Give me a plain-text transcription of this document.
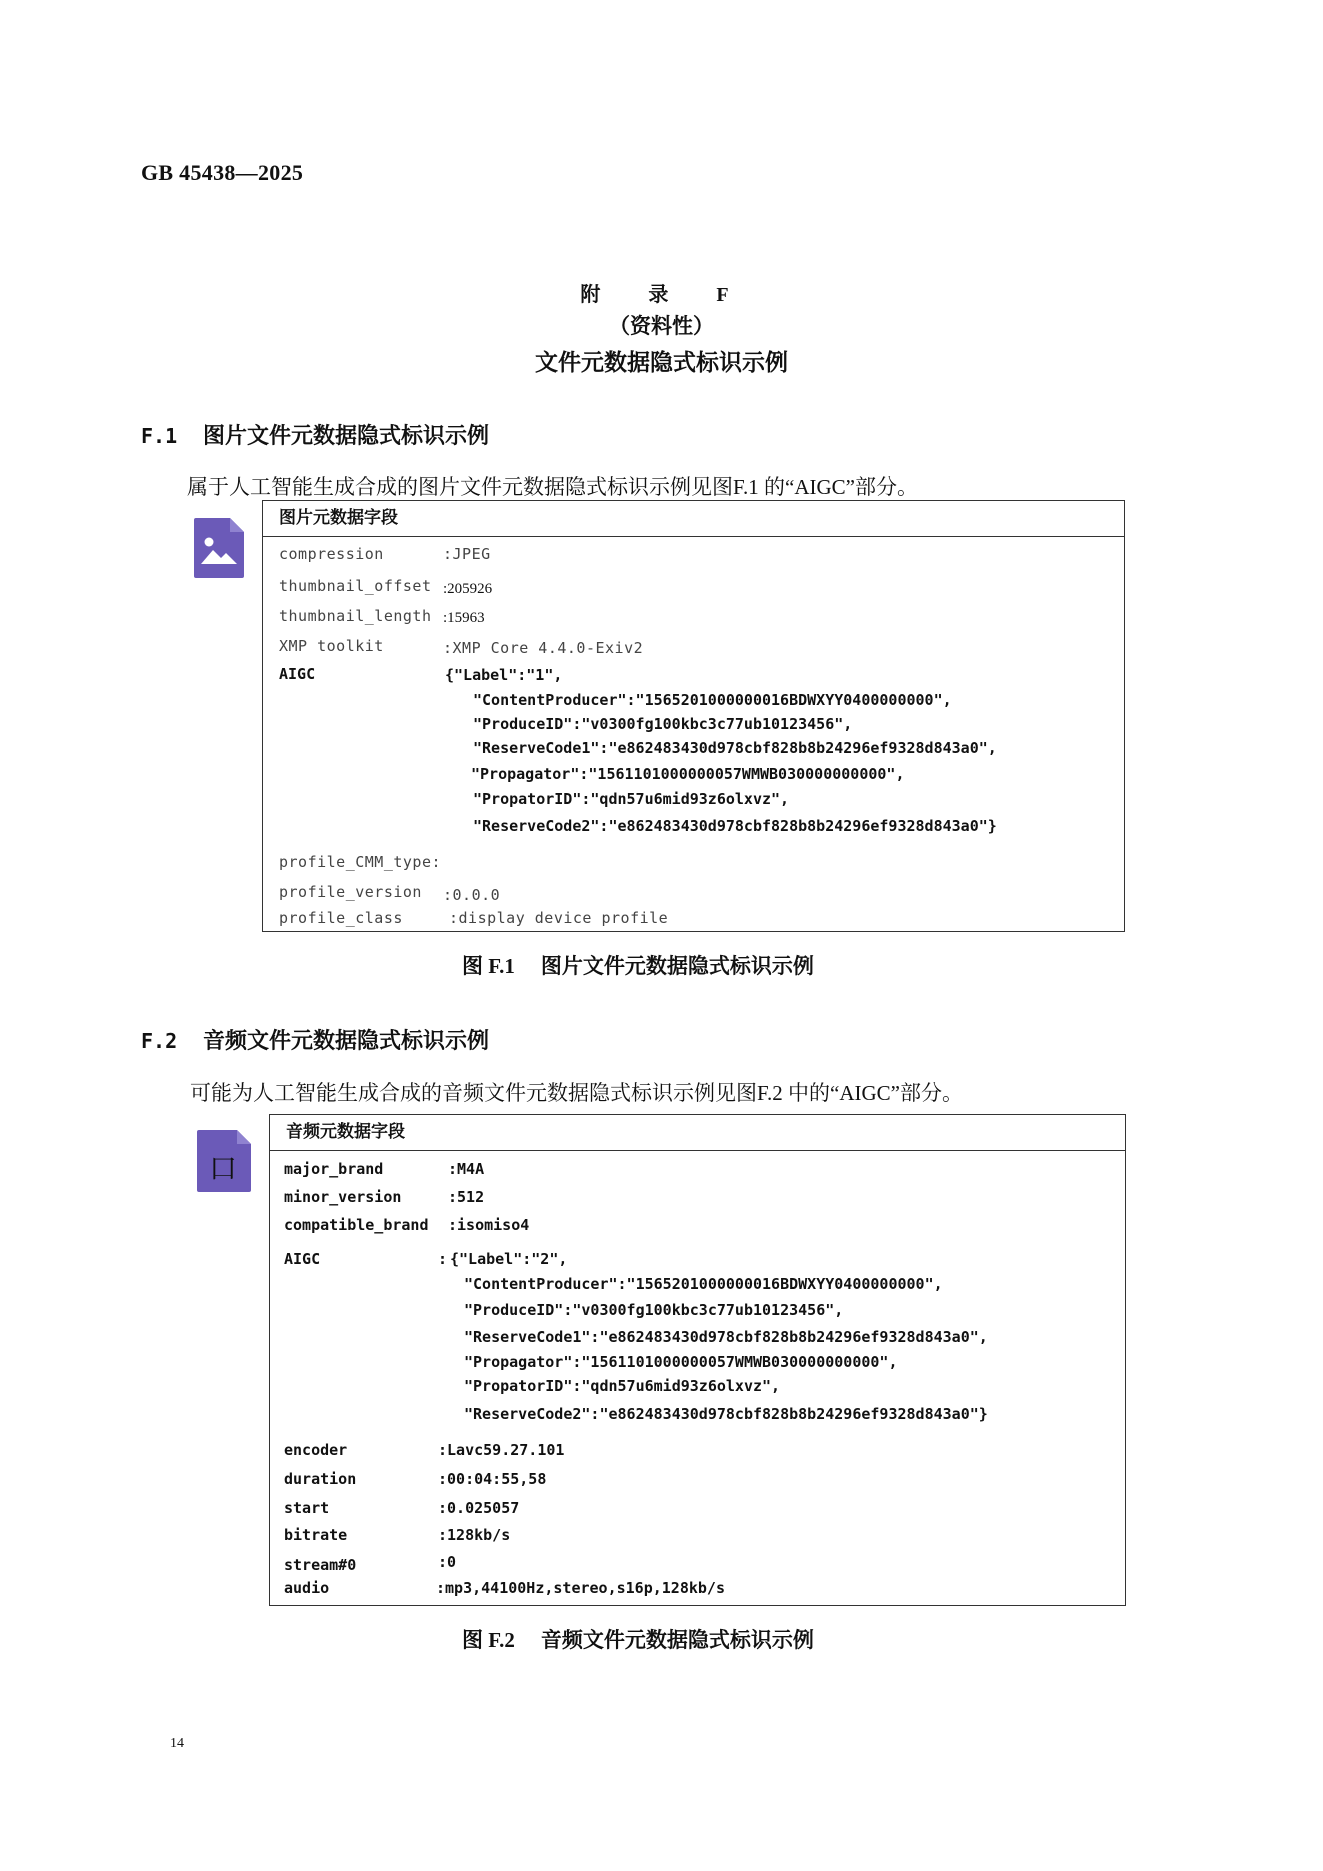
GB 45438—2025
附　录　F
（资料性）
文件元数据隐式标识示例
F.1 图片文件元数据隐式标识示例
属于人工智能生成合成的图片文件元数据隐式标识示例见图F.1 的“AIGC”部分。
图片元数据字段
compression	:JPEG
thumbnail_offset :205926
thumbnail_length :15963
XMP toolkit	:XMP Core 4.4.0-Exiv2
AIGC	{"Label":"1",
"ContentProducer":"1565201000000016BDWXYY0400000000",
"ProduceID":"v0300fg100kbc3c77ub10123456",
"ReserveCode1":"e862483430d978cbf828b8b24296ef9328d843a0",
"Propagator":"1561101000000057WMWB030000000000",
"PropatorID":"qdn57u6mid93z6olxvz",
"ReserveCode2":"e862483430d978cbf828b8b24296ef9328d843a0"}
profile_CMM_type:
profile_version :0.0.0
profile_class	:display device profile
图 F.1 图片文件元数据隐式标识示例
F.2 音频文件元数据隐式标识示例
可能为人工智能生成合成的音频文件元数据隐式标识示例见图F.2 中的“AIGC”部分。
口
音频元数据字段
major_brand	:M4A
minor_version	:512
compatible_brand :isomiso4
AIGC	: {"Label":"2",
"ContentProducer":"1565201000000016BDWXYY0400000000",
"ProduceID":"v0300fg100kbc3c77ub10123456",
"ReserveCode1":"e862483430d978cbf828b8b24296ef9328d843a0",
"Propagator":"1561101000000057WMWB030000000000",
"PropatorID":"qdn57u6mid93z6olxvz",
"ReserveCode2":"e862483430d978cbf828b8b24296ef9328d843a0"}
encoder	:Lavc59.27.101
duration	:00:04:55,58
start	:0.025057
bitrate	:128kb/s
stream#0	:0
audio	:mp3,44100Hz,stereo,s16p,128kb/s
图 F.2 音频文件元数据隐式标识示例
14
